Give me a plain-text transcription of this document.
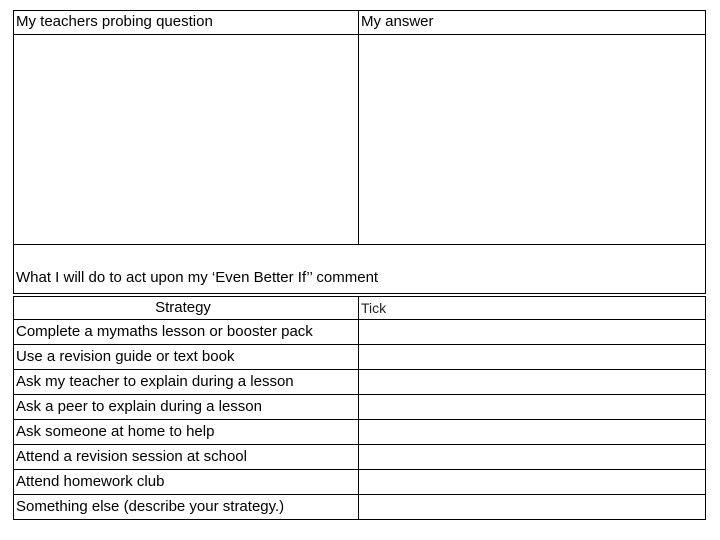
My teachers probing question	My answer
What I will do to act upon my ‘Even Better If’’ comment
Strategy	Tick
Complete a mymaths lesson or booster pack
Use a revision guide or text book
Ask my teacher to explain during a lesson
Ask a peer to explain during a lesson
Ask someone at home to help
Attend a revision session at school
Attend homework club
Something else (describe your strategy.)
